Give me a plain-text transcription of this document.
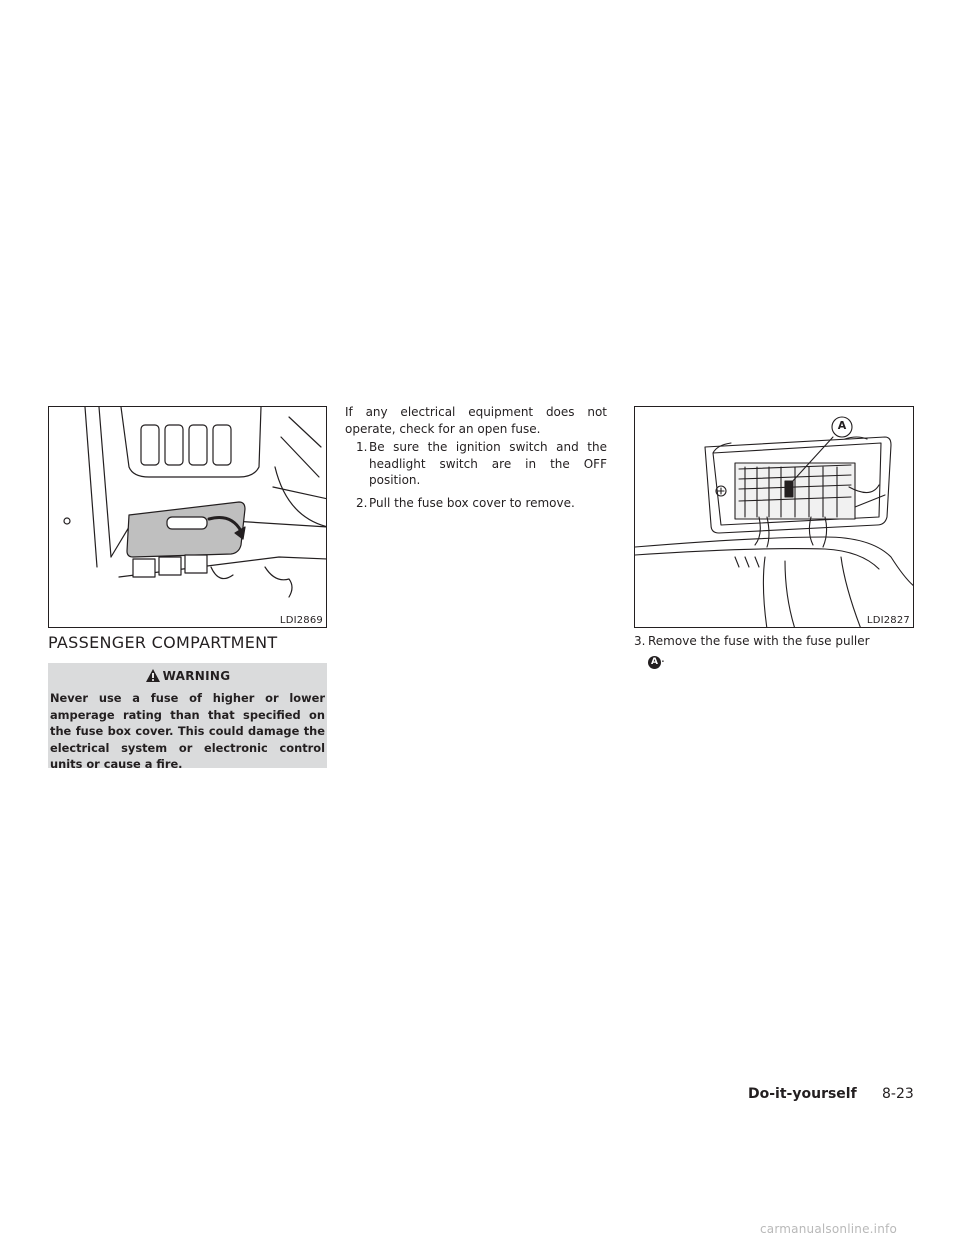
LDI2869
PASSENGER COMPARTMENT
WARNING
Never use a fuse of higher or lower amperage rating than that specified on the fuse box cover. This could damage the electrical system or electronic control units or cause a fire.
If any electrical equipment does not operate, check for an open fuse.
1. Be sure the ignition switch and the headlight switch are in the OFF position.
2. Pull the fuse box cover to remove.
A
LDI2827
3. Remove the fuse with the fuse puller
A .
Do-it-yourself 8-23
carmanualsonline.info
